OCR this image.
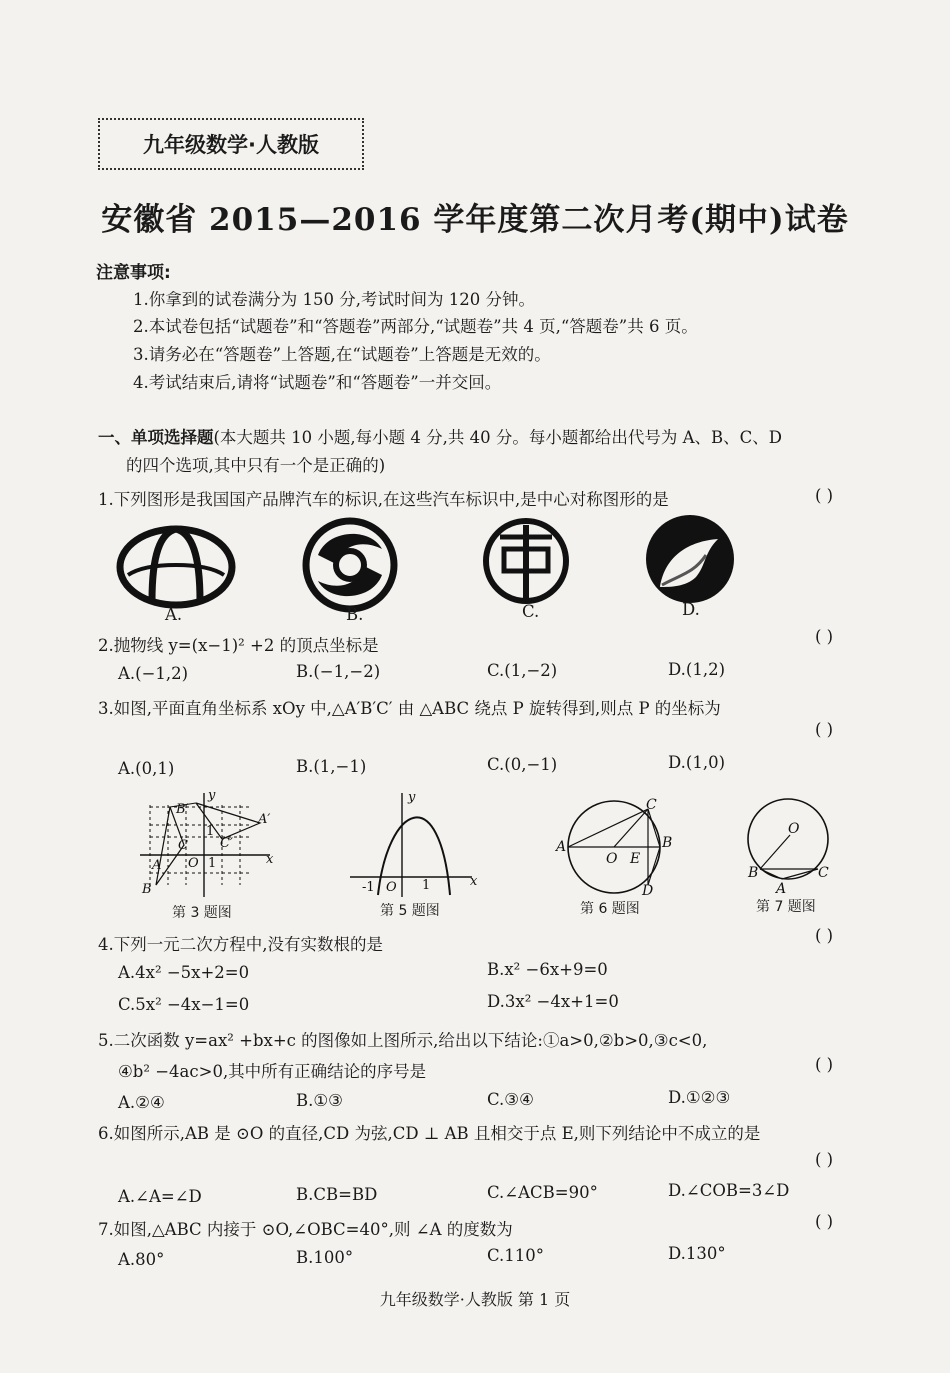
九年级数学·人教版
安徽省 2015—2016 学年度第二次月考(期中)试卷
注意事项:
1.你拿到的试卷满分为 150 分,考试时间为 120 分钟。
2.本试卷包括“试题卷”和“答题卷”两部分,“试题卷”共 4 页,“答题卷”共 6 页。
3.请务必在“答题卷”上答题,在“试题卷”上答题是无效的。
4.考试结束后,请将“试题卷”和“答题卷”一并交回。
一、单项选择题(本大题共 10 小题,每小题 4 分,共 40 分。每小题都给出代号为 A、B、C、D
的四个选项,其中只有一个是正确的)
1.下列图形是我国国产品牌汽车的标识,在这些汽车标识中,是中心对称图形的是	( )
A.	B.	C.	D.
2.抛物线 y=(x−1)² +2 的顶点坐标是	( )
A.(−1,2)	B.(−1,−2)	C.(1,−2)	D.(1,2)
3.如图,平面直角坐标系 xOy 中,△A′B′C′ 由 △ABC 绕点 P 旋转得到,则点 P 的坐标为
( )
A.(0,1)	B.(1,−1)	C.(0,−1)	D.(1,0)
B′
A′
C′
C
A
B
O 1
1
y
x
-1 O 1
y
x
A
C
B
D
O E
O
B	C
A
第 3 题图	第 5 题图	第 6 题图	第 7 题图
4.下列一元二次方程中,没有实数根的是	( )
A.4x² −5x+2=0	B.x² −6x+9=0
C.5x² −4x−1=0	D.3x² −4x+1=0
5.二次函数 y=ax² +bx+c 的图像如上图所示,给出以下结论:①a>0,②b>0,③c<0,
④b² −4ac>0,其中所有正确结论的序号是	( )
A.②④	B.①③	C.③④	D.①②③
6.如图所示,AB 是 ⊙O 的直径,CD 为弦,CD ⊥ AB 且相交于点 E,则下列结论中不成立的是
( )
A.∠A=∠D	B.CB=BD	C.∠ACB=90°	D.∠COB=3∠D
7.如图,△ABC 内接于 ⊙O,∠OBC=40°,则 ∠A 的度数为	( )
A.80°	B.100°	C.110°	D.130°
九年级数学·人教版 第 1 页
